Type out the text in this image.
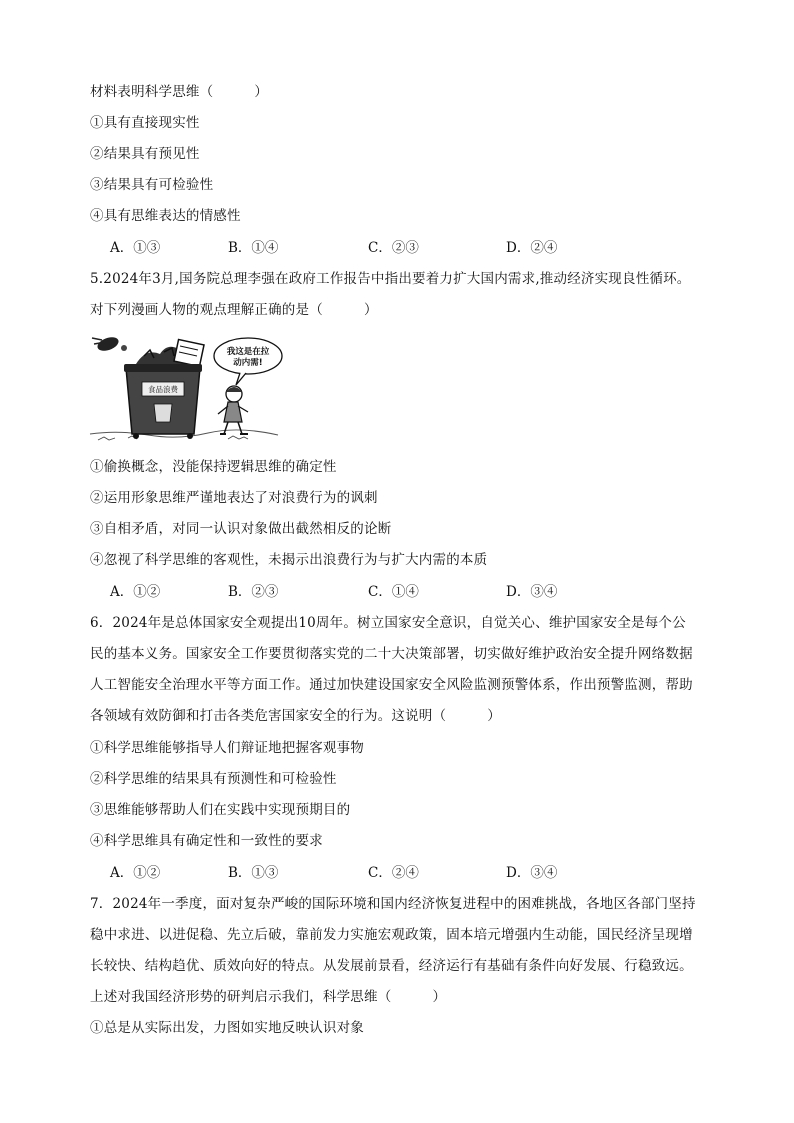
材料表明科学思维（　　　）
①具有直接现实性
②结果具有预见性
③结果具有可检验性
④具有思维表达的情感性
A．①③	B．①④	C．②③	D．②④
5.2024年3月,国务院总理李强在政府工作报告中指出要着力扩大国内需求,推动经济实现良性循环。
对下列漫画人物的观点理解正确的是（　　　）
食品浪费
我这是在拉
动内需!
①偷换概念，没能保持逻辑思维的确定性
②运用形象思维严谨地表达了对浪费行为的讽刺
③自相矛盾，对同一认识对象做出截然相反的论断
④忽视了科学思维的客观性，未揭示出浪费行为与扩大内需的本质
A．①②	B．②③	C．①④	D．③④
6．2024年是总体国家安全观提出10周年。树立国家安全意识，自觉关心、维护国家安全是每个公
民的基本义务。国家安全工作要贯彻落实党的二十大决策部署，切实做好维护政治安全提升网络数据
人工智能安全治理水平等方面工作。通过加快建设国家安全风险监测预警体系，作出预警监测，帮助
各领域有效防御和打击各类危害国家安全的行为。这说明（　　　）
①科学思维能够指导人们辩证地把握客观事物
②科学思维的结果具有预测性和可检验性
③思维能够帮助人们在实践中实现预期目的
④科学思维具有确定性和一致性的要求
A．①②	B．①③	C．②④	D．③④
7．2024年一季度，面对复杂严峻的国际环境和国内经济恢复进程中的困难挑战，各地区各部门坚持
稳中求进、以进促稳、先立后破，靠前发力实施宏观政策，固本培元增强内生动能，国民经济呈现增
长较快、结构趋优、质效向好的特点。从发展前景看，经济运行有基础有条件向好发展、行稳致远。
上述对我国经济形势的研判启示我们，科学思维（　　　）
①总是从实际出发，力图如实地反映认识对象
